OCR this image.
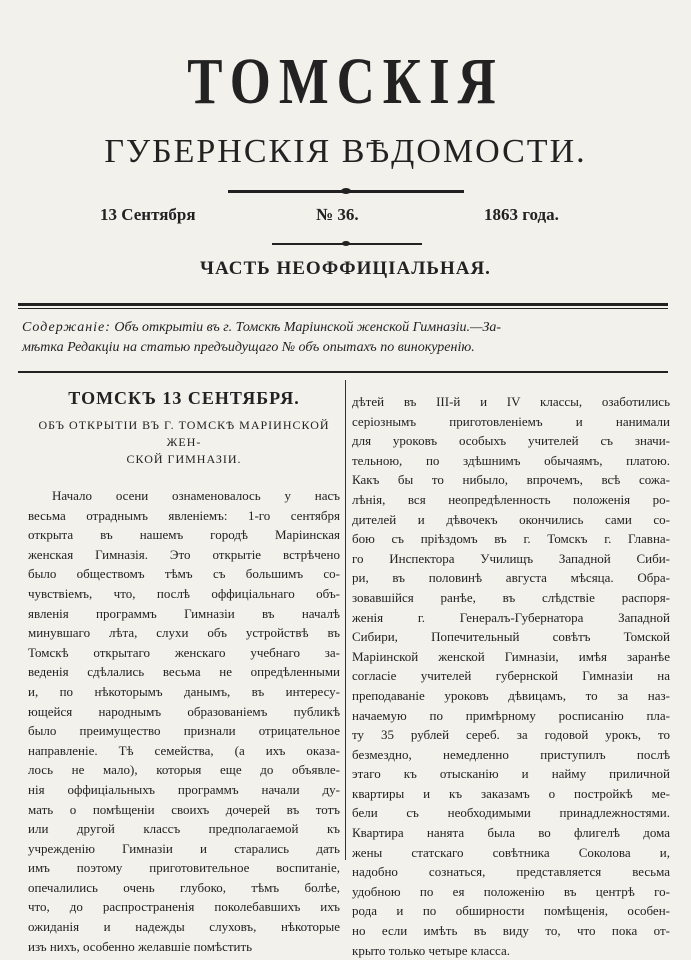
ТОМСКІЯ
ГУБЕРНСКІЯ ВѢДОМОСТИ.
13 Сентября	№ 36.	1863 года.
ЧАСТЬ НЕОФФИЦІАЛЬНАЯ.
Содержаніе: Объ открытіи въ г. Томскѣ Маріинской женской Гимназіи.—За-
мѣтка Редакціи на статью предъидущаго № объ опытахъ по винокуренію.
ТОМСКЪ 13 СЕНТЯБРЯ.
ОБЪ ОТКРЫТІИ ВЪ Г. ТОМСКѢ МАРІИНСКОЙ ЖЕН-
СКОЙ ГИМНАЗІИ.
Начало осени ознаменовалось у насъ
весьма отраднымъ явленіемъ: 1-го сентября
открыта въ нашемъ городѣ Маріинская
женская Гимназія. Это открытіе встрѣчено
было обществомъ тѣмъ съ большимъ со-
чувствіемъ, что, послѣ оффиціальнаго объ-
явленія программъ Гимназіи въ началѣ
минувшаго лѣта, слухи объ устройствѣ въ
Томскѣ открытаго женскаго учебнаго за-
веденія сдѣлались весьма не опредѣленными
и, по нѣкоторымъ данымъ, въ интересу-
ющейся народнымъ образованіемъ публикѣ
было преимущество признали отрицательное
направленіе. Тѣ семейства, (а ихъ оказа-
лось не мало), которыя еще до объявле-
нія оффиціальныхъ программъ начали ду-
мать о помѣщеніи своихъ дочерей въ тотъ
или другой классъ предполагаемой къ
учрежденію Гимназіи и старались дать
имъ поэтому приготовительное воспитаніе,
опечалились очень глубоко, тѣмъ болѣе,
что, до распространенія поколебавшихъ ихъ
ожиданія и надежды слуховъ, нѣкоторые
изъ нихъ, особенно желавшіе помѣстить
дѣтей въ III-й и IV классы, озаботились
серіознымъ приготовленіемъ и нанимали
для уроковъ особыхъ учителей съ значи-
тельною, по здѣшнимъ обычаямъ, платою.
Какъ бы то нибыло, впрочемъ, всѣ сожа-
лѣнія, вся неопредѣленность положенія ро-
дителей и дѣвочекъ окончились сами со-
бою съ пріѣздомъ въ г. Томскъ г. Главна-
го Инспектора Училищъ Западной Сиби-
ри, въ половинѣ августа мѣсяца. Обра-
зовавшійся ранѣе, въ слѣдствіе распоря-
женія г. Генералъ-Губернатора Западной
Сибири, Попечительный совѣтъ Томской
Маріинской женской Гимназіи, имѣя заранѣе
согласіе учителей губернской Гимназіи на
преподаваніе уроковъ дѣвицамъ, то за наз-
начаемую по примѣрному росписанію пла-
ту 35 рублей сереб. за годовой урокъ, то
безмездно, немедленно приступилъ послѣ
этаго къ отысканію и найму приличной
квартиры и къ заказамъ о постройкѣ ме-
бели съ необходимыми принадлежностями.
Квартира нанята была во флигелѣ дома
жены статскаго совѣтника Соколова и,
надобно сознаться, представляется весьма
удобною по ея положенію въ центрѣ го-
рода и по обширности помѣщенія, особен-
но если имѣть въ виду то, что пока от-
крыто только четыре класса.
